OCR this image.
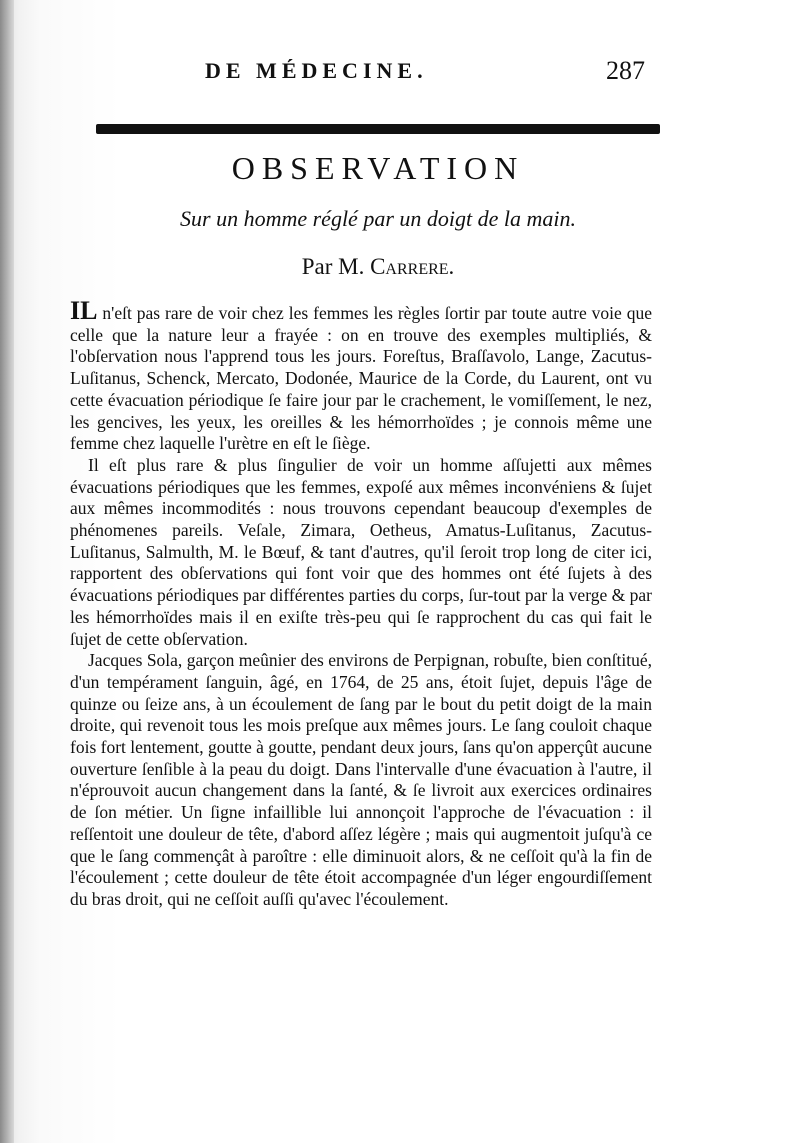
DE MÉDECINE.	287
OBSERVATION
Sur un homme réglé par un doigt de la main.
Par M. Carrere.

IL n'eſt pas rare de voir chez les femmes les règles ſortir par toute autre voie que celle que la nature leur a frayée : on en trouve des exemples multipliés, & l'obſervation nous l'apprend tous les jours. Foreſtus, Braſſavolo, Lange, Zacutus-Luſitanus, Schenck, Mercato, Dodonée, Maurice de la Corde, du Laurent, ont vu cette évacuation périodique ſe faire jour par le crachement, le vomiſſement, le nez, les gencives, les yeux, les oreilles & les hémorrhoïdes ; je connois même une femme chez laquelle l'urètre en eſt le ſiège.

Il eſt plus rare & plus ſingulier de voir un homme aſſujetti aux mêmes évacuations périodiques que les femmes, expoſé aux mêmes inconvéniens & ſujet aux mêmes incommodités : nous trouvons cependant beaucoup d'exemples de phénomenes pareils. Veſale, Zimara, Oetheus, Amatus-Luſitanus, Zacutus-Luſitanus, Salmulth, M. le Bœuf, & tant d'autres, qu'il ſeroit trop long de citer ici, rapportent des obſervations qui font voir que des hommes ont été ſujets à des évacuations périodiques par différentes parties du corps, ſur-tout par la verge & par les hémorrhoïdes mais il en exiſte très-peu qui ſe rapprochent du cas qui fait le ſujet de cette obſervation.

Jacques Sola, garçon meûnier des environs de Perpignan, robuſte, bien conſtitué, d'un tempérament ſanguin, âgé, en 1764, de 25 ans, étoit ſujet, depuis l'âge de quinze ou ſeize ans, à un écoulement de ſang par le bout du petit doigt de la main droite, qui revenoit tous les mois preſque aux mêmes jours. Le ſang couloit chaque fois fort lentement, goutte à goutte, pendant deux jours, ſans qu'on apperçût aucune ouverture ſenſible à la peau du doigt. Dans l'intervalle d'une évacuation à l'autre, il n'éprouvoit aucun changement dans la ſanté, & ſe livroit aux exercices ordinaires de ſon métier. Un ſigne infaillible lui annonçoit l'approche de l'évacuation : il reſſentoit une douleur de tête, d'abord aſſez légère ; mais qui augmentoit juſqu'à ce que le ſang commençât à paroître : elle diminuoit alors, & ne ceſſoit qu'à la fin de l'écoulement ; cette douleur de tête étoit accompagnée d'un léger engourdiſſement du bras droit, qui ne ceſſoit auſſi qu'avec l'écoulement.
